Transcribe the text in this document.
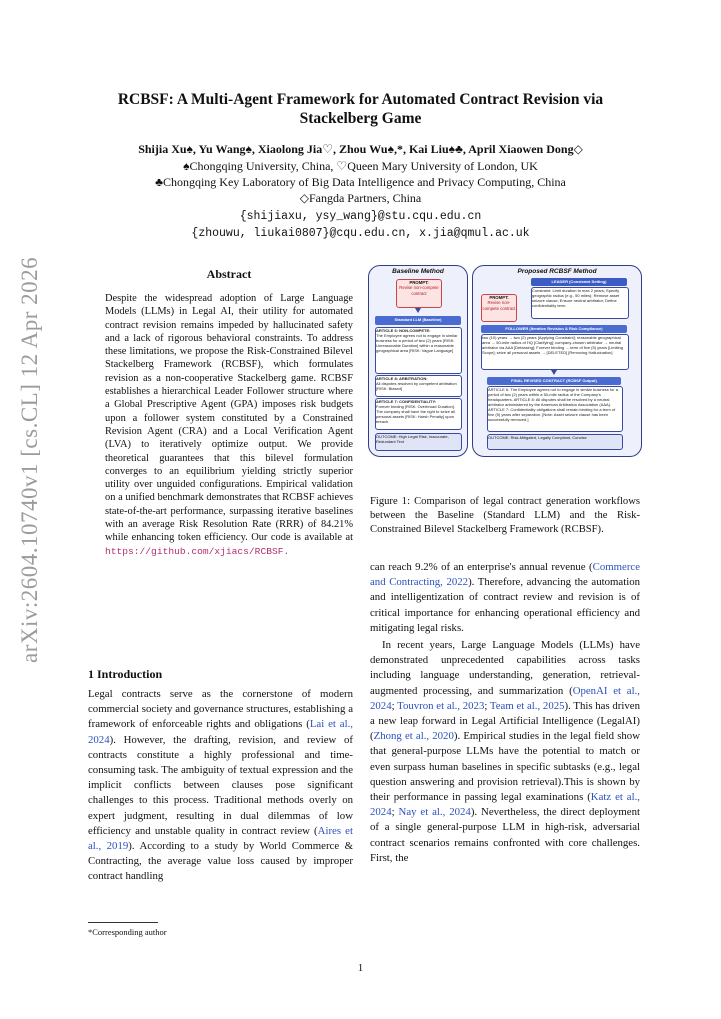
arXiv:2604.10740v1 [cs.CL] 12 Apr 2026
RCBSF: A Multi-Agent Framework for Automated Contract Revision via
Stackelberg Game
Shijia Xu♠, Yu Wang♠, Xiaolong Jia♡, Zhou Wu♠,*, Kai Liu♠♣, April Xiaowen Dong◇
♠Chongqing University, China, ♡Queen Mary University of London, UK
♣Chongqing Key Laboratory of Big Data Intelligence and Privacy Computing, China
◇Fangda Partners, China
{shijiaxu, ysy_wang}@stu.cqu.edu.cn
{zhouwu, liukai0807}@cqu.edu.cn, x.jia@qmul.ac.uk
Abstract
Despite the widespread adoption of Large Language Models (LLMs) in Legal AI, their utility for automated contract revision remains impeded by hallucinated safety and a lack of rigorous behavioral constraints. To address these limitations, we propose the Risk-Constrained Bilevel Stackelberg Framework (RCBSF), which formulates revision as a non-cooperative Stackelberg game. RCBSF establishes a hierarchical Leader Follower structure where a Global Prescriptive Agent (GPA) imposes risk budgets upon a follower system constituted by a Constrained Revision Agent (CRA) and a Local Verification Agent (LVA) to iteratively optimize output. We provide theoretical guarantees that this bilevel formulation converges to an equilibrium yielding strictly superior utility over unguided configurations. Empirical validation on a unified benchmark demonstrates that RCBSF achieves state-of-the-art performance, surpassing iterative baselines with an average Risk Resolution Rate (RRR) of 84.21% while enhancing token efficiency. Our code is available at https://github.com/xjiacs/RCBSF.
1 Introduction
Legal contracts serve as the cornerstone of modern commercial society and governance structures, establishing a framework of enforceable rights and obligations (Lai et al., 2024). However, the drafting, revision, and review of contracts constitute a highly professional and time-consuming task. The ambiguity of textual expression and the implicit conflicts between clauses pose significant challenges to this process. Traditional methods overly on expert judgment, resulting in dual dilemmas of low efficiency and unstable quality in contract review (Aires et al., 2019). According to a study by World Commerce & Contracting, the average value loss caused by improper contract handling
can reach 9.2% of an enterprise's annual revenue (Commerce and Contracting, 2022). Therefore, advancing the automation and intelligentization of contract review and revision is of critical importance for enhancing operational efficiency and mitigating legal risks.
In recent years, Large Language Models (LLMs) have demonstrated unprecedented capabilities across tasks including language understanding, generation, retrieval-augmented processing, and summarization (OpenAI et al., 2024; Touvron et al., 2023; Team et al., 2025). This has driven a new leap forward in Legal Artificial Intelligence (LegalAI) (Zhong et al., 2020). Empirical studies in the legal field show that general-purpose LLMs have the potential to match or even surpass human baselines in specific subtasks (e.g., legal question answering and provision retrieval).This is shown by their performance in passing legal examinations (Katz et al., 2024; Nay et al., 2024). Nevertheless, the direct deployment of a single general-purpose LLM in high-risk, adversarial contract scenarios remains confronted with core challenges. First, the
Baseline Method
PROMPT:
Revise non-compete contract
Standard LLM (Baseline)
ARTICLE 6: NON-COMPETE:
The Employee agrees not to engage in similar business for a period of two (2) years [RISK: Unreasonable Duration] within a reasonable geographical area [RISK: Vague Language]
ARTICLE 8: ARBITRATION:
All disputes resolved by competent arbitration [RISK: Biased]
ARTICLE 7: CONFIDENTIALITY:
Forever binding [RISK: Overbroad Duration]. The company shall have the right to seize all personal assets [RISK: Harsh Penalty] upon breach.
OUTCOME: High Legal Risk, Inaccurate, Redundant Text
Proposed RCBSF Method
PROMPT:
Revise non-compete contract
LEADER (Constraint Setting)
Constraint: Limit duration to max 2 years; Specify geographic radius (e.g., 50 miles); Remove asset seizure clause; Ensure neutral arbitrator; Define confidentiality term.
FOLLOWER (Iterative Revision & Risk Compliance)
two (10) years → two (2) years [Applying Constraint]; reasonable geographical area → 50-mile radius of HQ [Clarifying]; company-chosen arbitrator → neutral arbitrator via AAA [Debiasing]; Forever binding → term of five (5) years [Limiting Scope]; seize all personal assets → [DELETED] [Removing Hallucination]
FINAL REVISED CONTRACT (RCBSF Output)
ARTICLE 6: The Employee agrees not to engage in similar business for a period of two (2) years within a 50-mile radius of the Company's headquarters. ARTICLE 8: All disputes shall be resolved by a neutral arbitrator administered by the American Arbitration Association (AAA). ARTICLE 7: Confidentiality obligations shall remain binding for a term of five (5) years after separation. [Note: Asset seizure clause has been successfully removed.]
OUTCOME: Risk-Mitigated, Legally Compliant, Concise
Figure 1: Comparison of legal contract generation workflows between the Baseline (Standard LLM) and the Risk-Constrained Bilevel Stackelberg Framework (RCBSF).
*Corresponding author
1
